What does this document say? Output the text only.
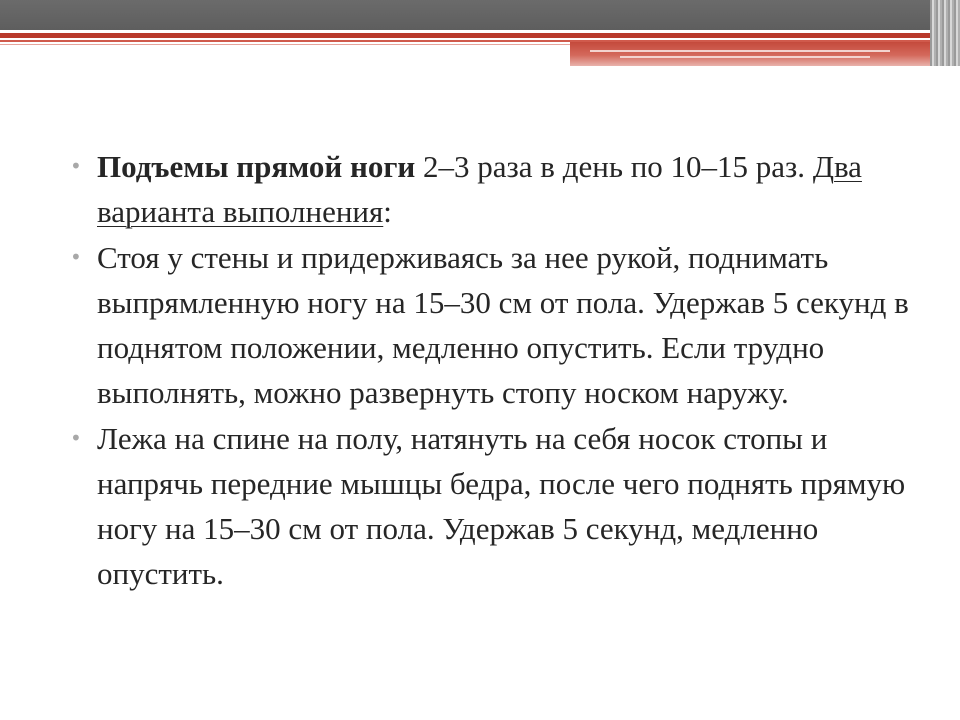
• Подъемы прямой ноги 2–3 раза в день по 10–15 раз. Два варианта выполнения:
• Стоя у стены и придерживаясь за нее рукой, поднимать выпрямленную ногу на 15–30 см от пола. Удержав 5 секунд в поднятом положении, медленно опустить. Если трудно выполнять, можно развернуть стопу носком наружу.
• Лежа на спине на полу, натянуть на себя носок стопы и напрячь передние мышцы бедра, после чего поднять прямую ногу на 15–30 см от пола. Удержав 5 секунд, медленно опустить.
